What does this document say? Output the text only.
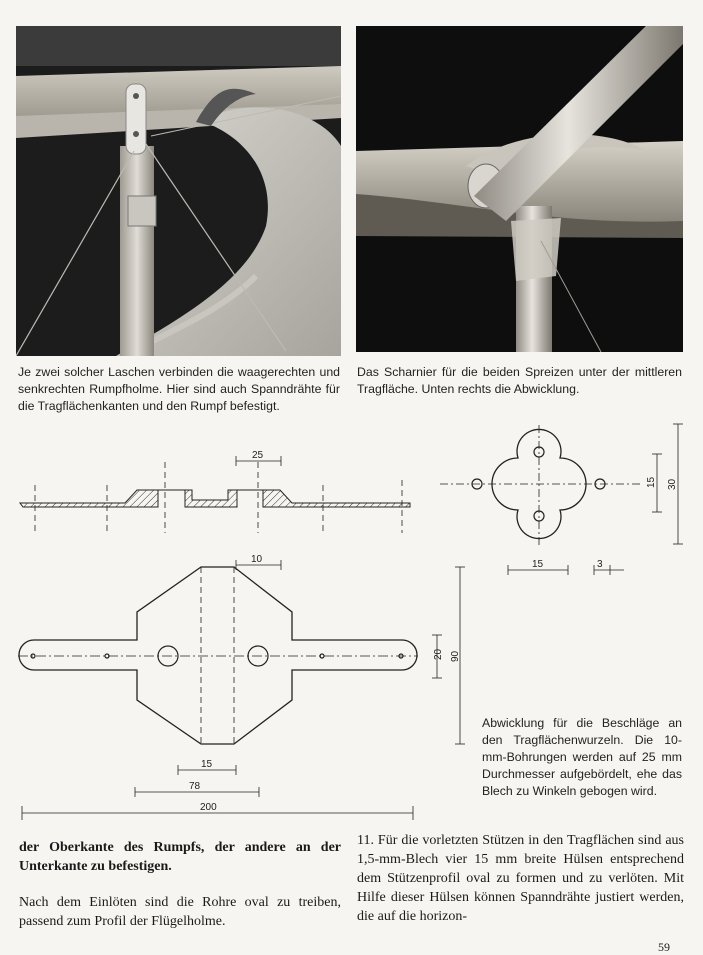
Je zwei solcher Laschen verbinden die waagerechten und senkrechten Rumpfholme. Hier sind auch Spanndrähte für die Tragflächenkanten und den Rumpf befestigt.

Das Scharnier für die beiden Spreizen unter der mittleren Tragfläche. Unten rechts die Abwicklung.

25
10
20 90
15
78
200
15	3
15 30

Abwicklung für die Beschläge an den Tragflächenwurzeln. Die 10-mm-Bohrungen werden auf 25 mm Durchmesser aufgebördelt, ehe das Blech zu Winkeln gebogen wird.

der Oberkante des Rumpfs, der andere an der Unterkante zu befestigen.

Nach dem Einlöten sind die Rohre oval zu treiben, passend zum Profil der Flügelholme.

11. Für die vorletzten Stützen in den Tragflächen sind aus 1,5-mm-Blech vier 15 mm breite Hülsen entsprechend dem Stützenprofil oval zu formen und zu verlöten. Mit Hilfe dieser Hülsen können Spanndrähte justiert werden, die auf die horizon-

59
